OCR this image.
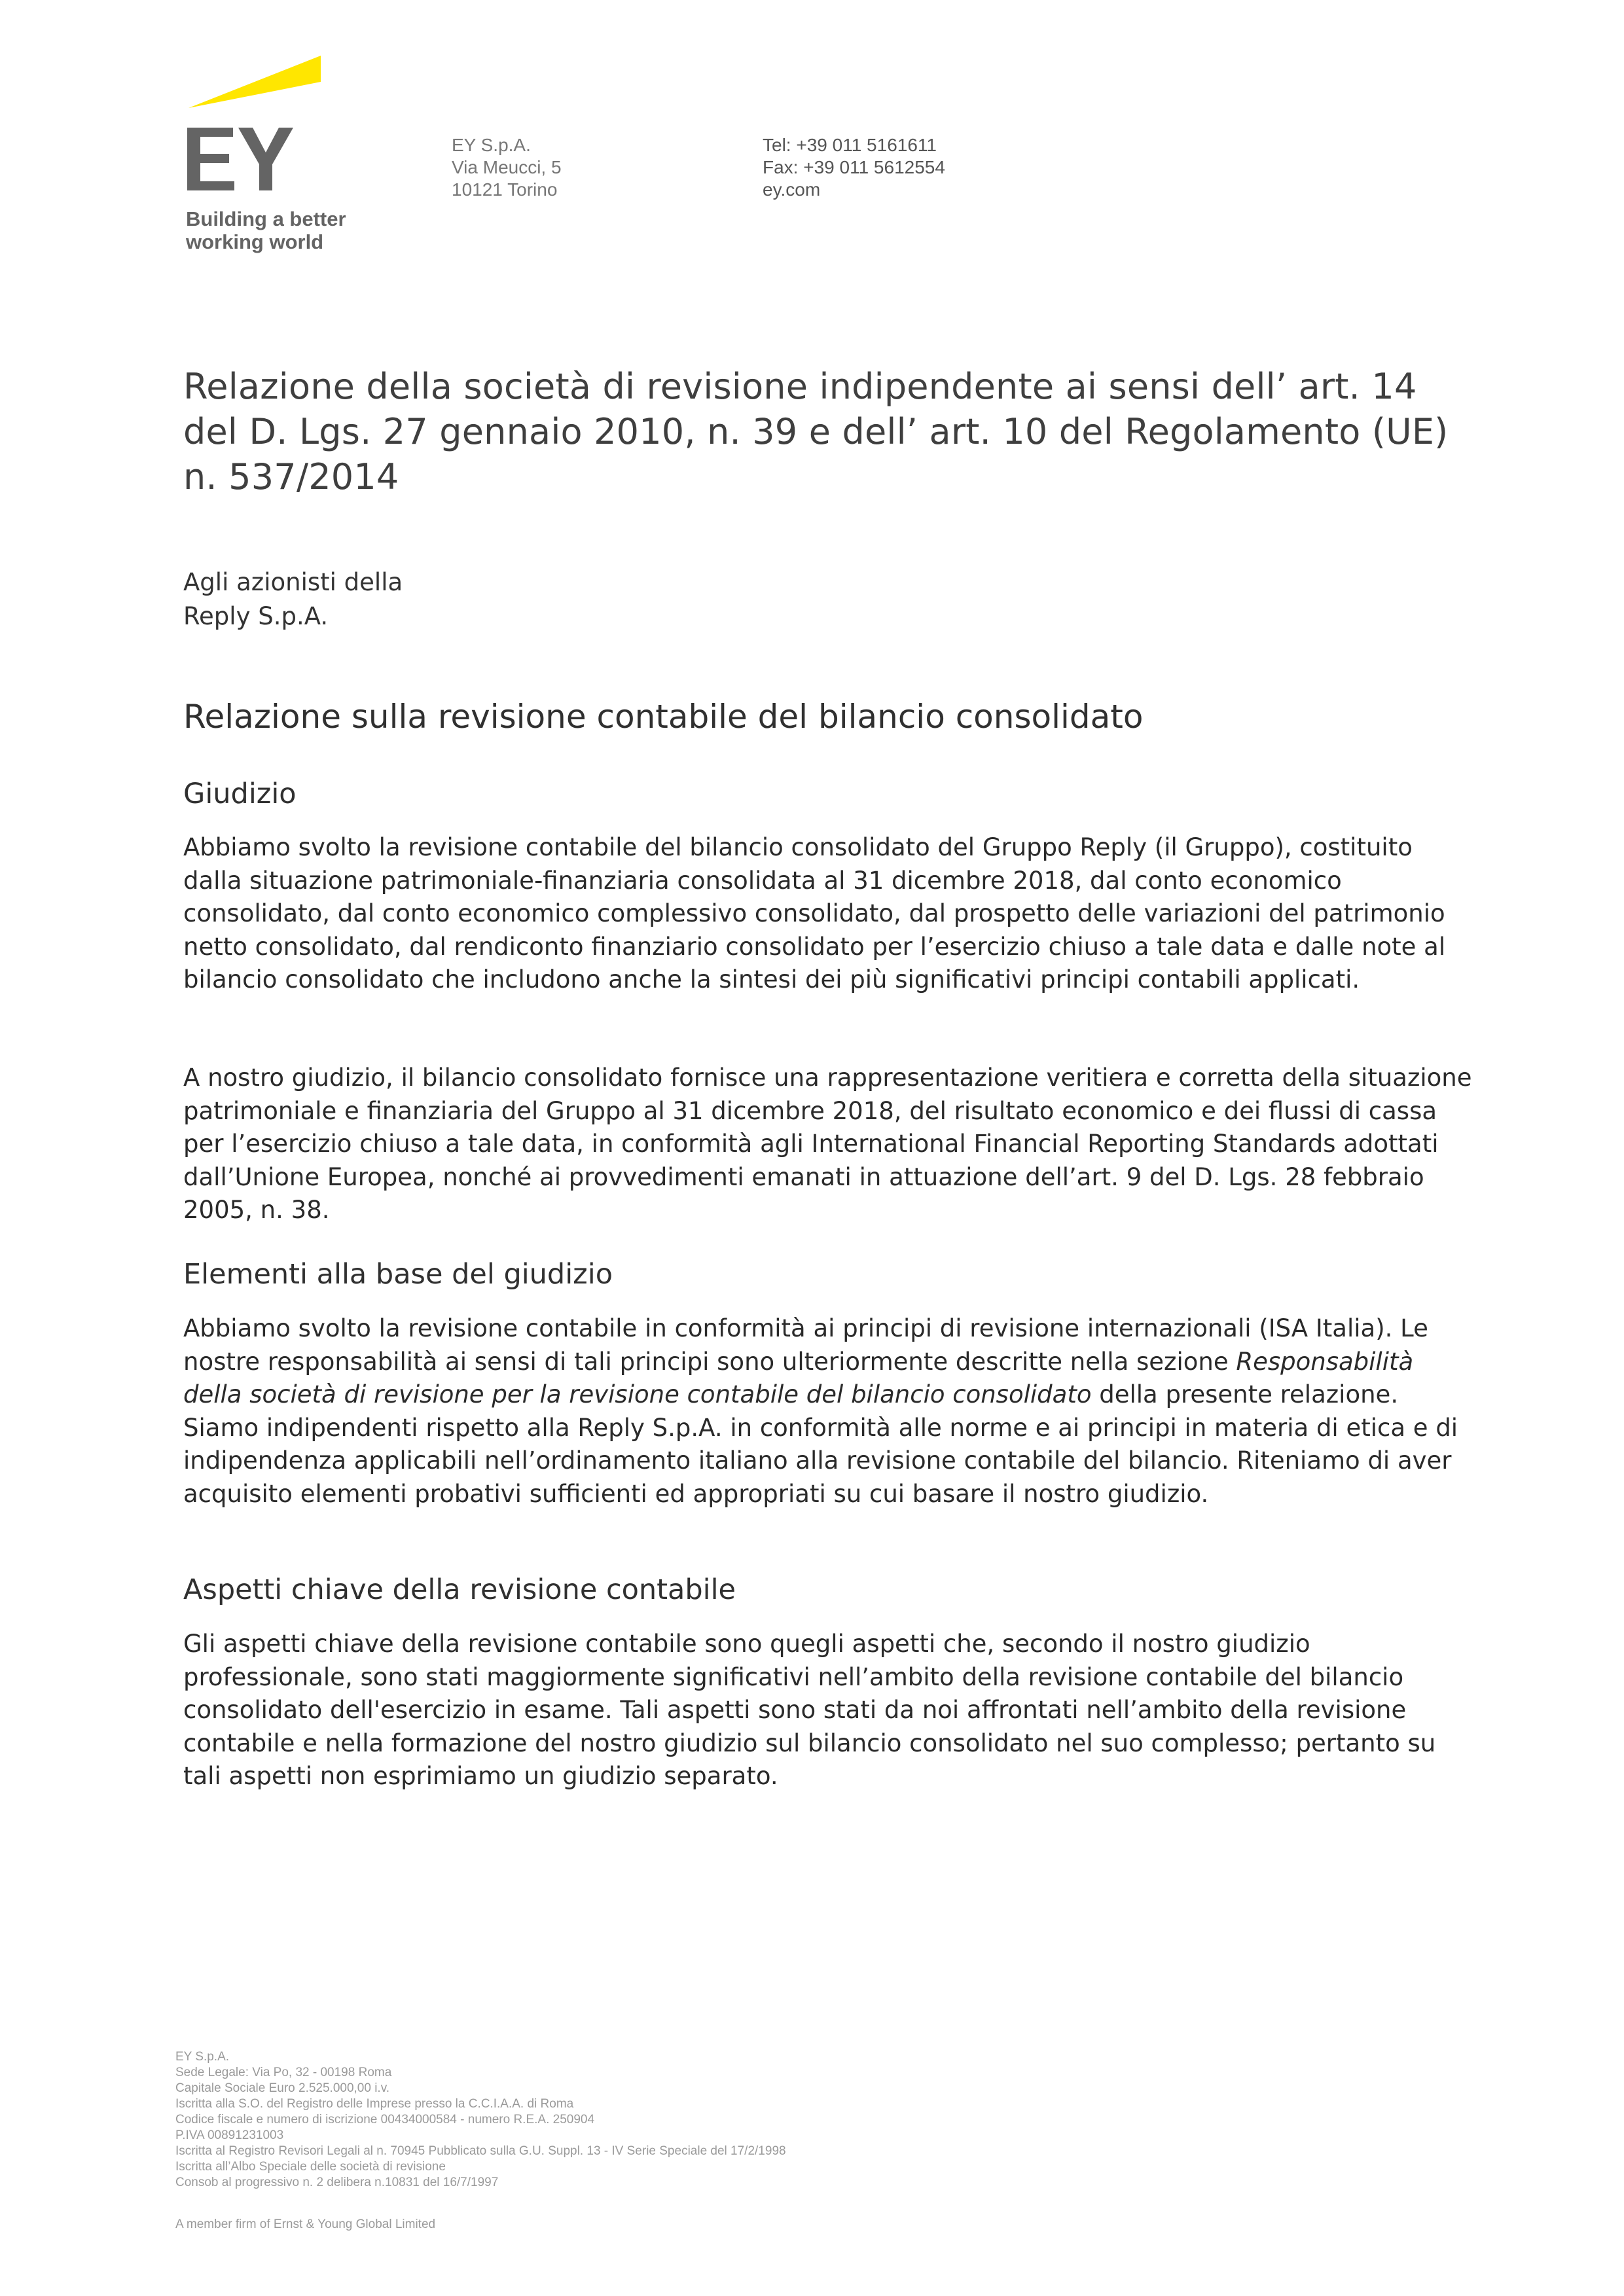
Building a better
working world
EY S.p.A.
Via Meucci, 5
10121 Torino
Tel: +39 011 5161611
Fax: +39 011 5612554
ey.com
Relazione della società di revisione indipendente ai sensi dell’ art. 14 del D. Lgs. 27 gennaio 2010, n. 39 e dell’ art. 10 del Regolamento (UE) n. 537/2014
Agli azionisti della
Reply S.p.A.
Relazione sulla revisione contabile del bilancio consolidato
Giudizio

Abbiamo svolto la revisione contabile del bilancio consolidato del Gruppo Reply (il Gruppo), costituito dalla situazione patrimoniale-finanziaria consolidata al 31 dicembre 2018, dal conto economico consolidato, dal conto economico complessivo consolidato, dal prospetto delle variazioni del patrimonio netto consolidato, dal rendiconto finanziario consolidato per l’esercizio chiuso a tale data e dalle note al bilancio consolidato che includono anche la sintesi dei più significativi principi contabili applicati.

A nostro giudizio, il bilancio consolidato fornisce una rappresentazione veritiera e corretta della situazione patrimoniale e finanziaria del Gruppo al 31 dicembre 2018, del risultato economico e dei flussi di cassa per l’esercizio chiuso a tale data, in conformità agli International Financial Reporting Standards adottati dall’Unione Europea, nonché ai provvedimenti emanati in attuazione dell’art. 9 del D. Lgs. 28 febbraio 2005, n. 38.

Elementi alla base del giudizio

Abbiamo svolto la revisione contabile in conformità ai principi di revisione internazionali (ISA Italia). Le nostre responsabilità ai sensi di tali principi sono ulteriormente descritte nella sezione Responsabilità della società di revisione per la revisione contabile del bilancio consolidato della presente relazione. Siamo indipendenti rispetto alla Reply S.p.A. in conformità alle norme e ai principi in materia di etica e di indipendenza applicabili nell’ordinamento italiano alla revisione contabile del bilancio. Riteniamo di aver acquisito elementi probativi sufficienti ed appropriati su cui basare il nostro giudizio.

Aspetti chiave della revisione contabile

Gli aspetti chiave della revisione contabile sono quegli aspetti che, secondo il nostro giudizio professionale, sono stati maggiormente significativi nell’ambito della revisione contabile del bilancio consolidato dell'esercizio in esame. Tali aspetti sono stati da noi affrontati nell’ambito della revisione contabile e nella formazione del nostro giudizio sul bilancio consolidato nel suo complesso; pertanto su tali aspetti non esprimiamo un giudizio separato.

EY S.p.A.
Sede Legale: Via Po, 32 - 00198 Roma
Capitale Sociale Euro 2.525.000,00 i.v.
Iscritta alla S.O. del Registro delle Imprese presso la C.C.I.A.A. di Roma
Codice fiscale e numero di iscrizione 00434000584 - numero R.E.A. 250904
P.IVA 00891231003
Iscritta al Registro Revisori Legali al n. 70945 Pubblicato sulla G.U. Suppl. 13 - IV Serie Speciale del 17/2/1998
Iscritta all’Albo Speciale delle società di revisione
Consob al progressivo n. 2 delibera n.10831 del 16/7/1997
A member firm of Ernst & Young Global Limited
